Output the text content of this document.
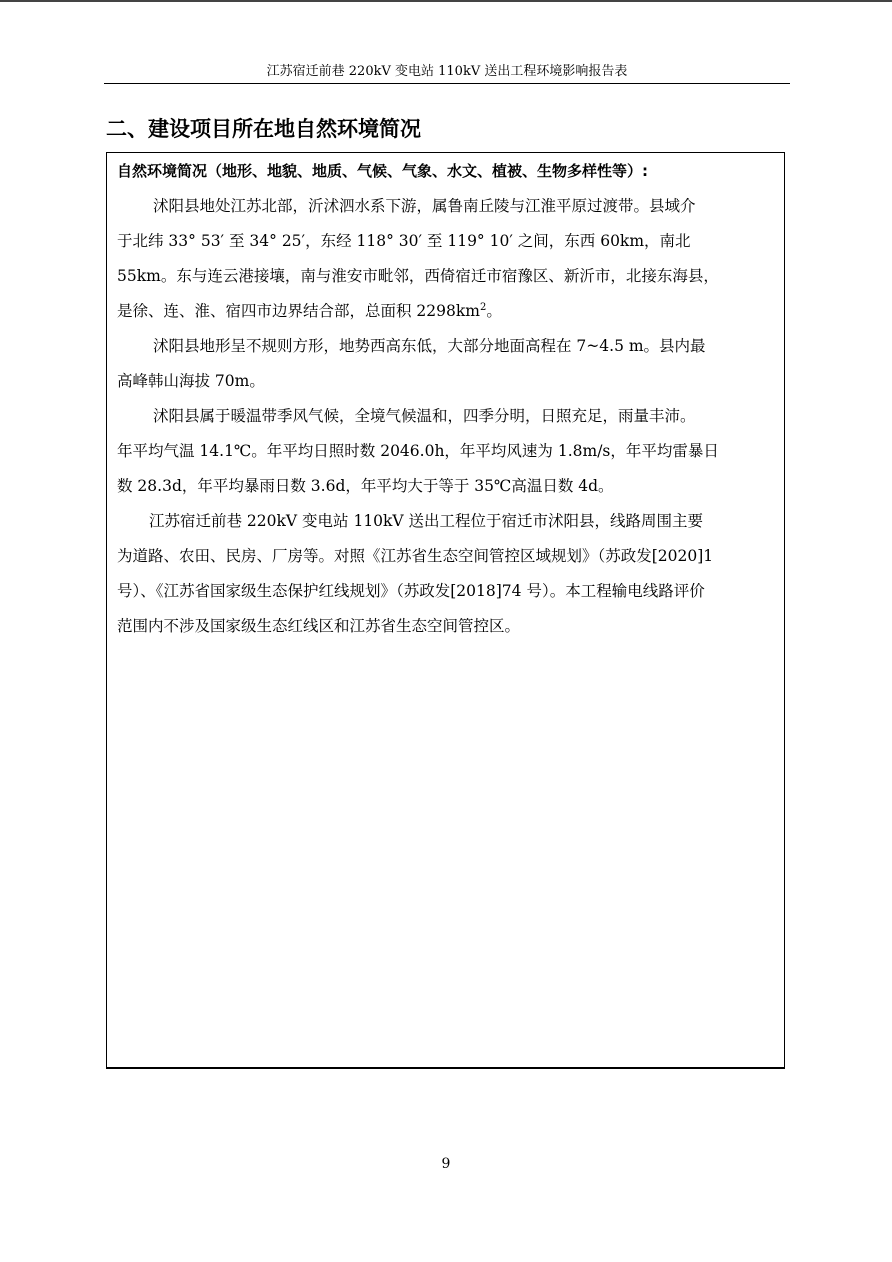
江苏宿迁前巷 220kV 变电站 110kV 送出工程环境影响报告表
二、建设项目所在地自然环境简况
自然环境简况（地形、地貌、地质、气候、气象、水文、植被、生物多样性等）:

沭阳县地处江苏北部，沂沭泗水系下游，属鲁南丘陵与江淮平原过渡带。县域介
于北纬 33° 53′ 至 34° 25′，东经 118° 30′ 至 119° 10′ 之间，东西 60km，南北
55km。东与连云港接壤，南与淮安市毗邻，西倚宿迁市宿豫区、新沂市，北接东海县，
是徐、连、淮、宿四市边界结合部，总面积 $2298km^2$。

沭阳县地形呈不规则方形，地势西高东低，大部分地面高程在 7~4.5 m。县内最
高峰韩山海拔 70m。

沭阳县属于暖温带季风气候，全境气候温和，四季分明，日照充足，雨量丰沛。
年平均气温 14.1℃。年平均日照时数 2046.0h，年平均风速为 1.8m/s，年平均雷暴日
数 28.3d，年平均暴雨日数 3.6d，年平均大于等于 35℃高温日数 4d。

江苏宿迁前巷 220kV 变电站 110kV 送出工程位于宿迁市沭阳县，线路周围主要
为道路、农田、民房、厂房等。对照《江苏省生态空间管控区域规划》（苏政发[2020]1
号）、《江苏省国家级生态保护红线规划》（苏政发[2018]74 号）。本工程输电线路评价
范围内不涉及国家级生态红线区和江苏省生态空间管控区。

9
